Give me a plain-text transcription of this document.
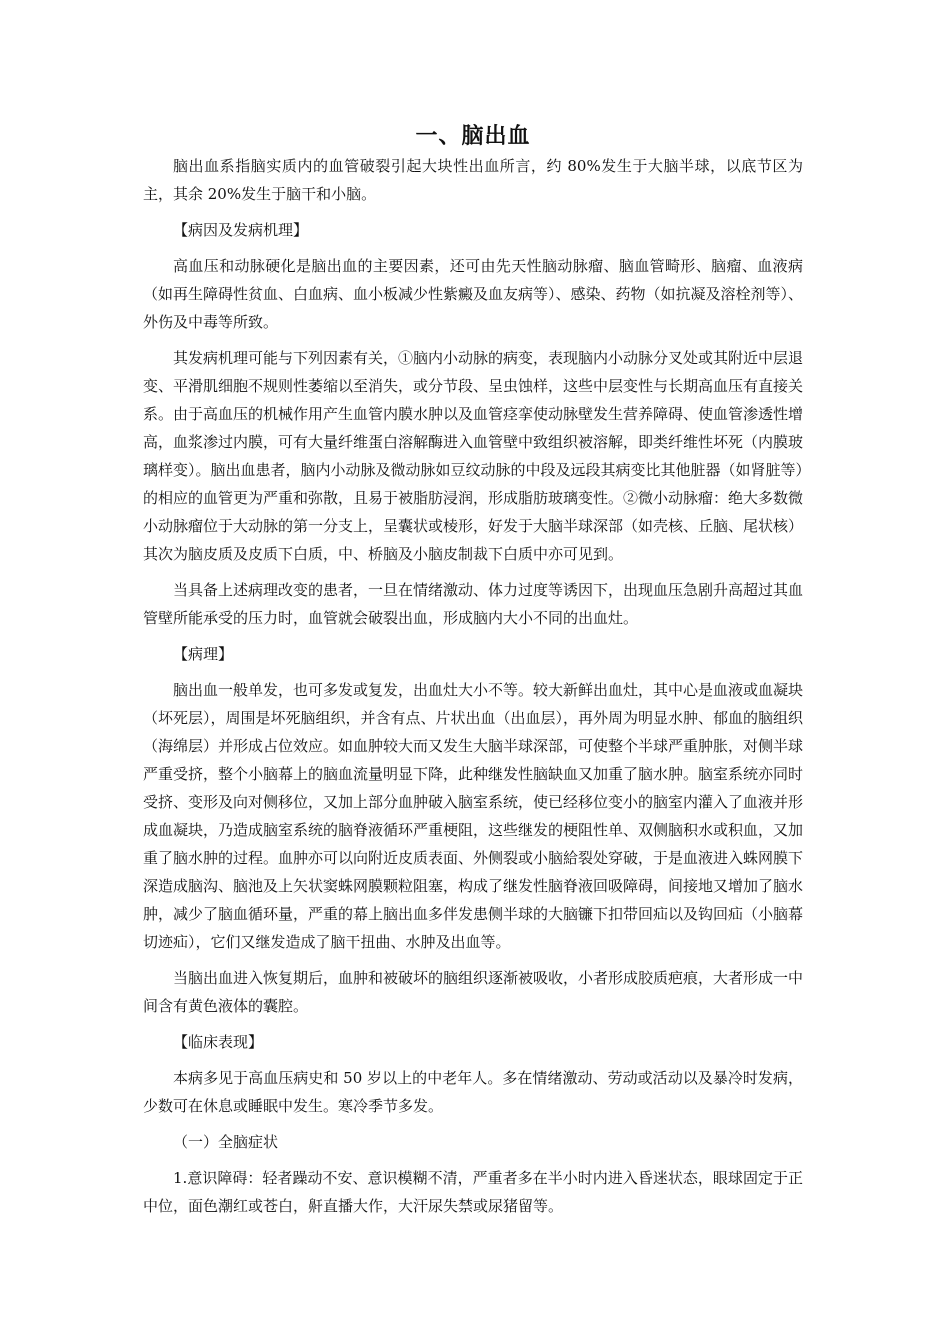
一、脑出血

脑出血系指脑实质内的血管破裂引起大块性出血所言，约 80%发生于大脑半球，以底节区为主，其余 20%发生于脑干和小脑。

【病因及发病机理】

高血压和动脉硬化是脑出血的主要因素，还可由先天性脑动脉瘤、脑血管畸形、脑瘤、血液病（如再生障碍性贫血、白血病、血小板减少性紫癜及血友病等）、感染、药物（如抗凝及溶栓剂等）、外伤及中毒等所致。

其发病机理可能与下列因素有关，①脑内小动脉的病变，表现脑内小动脉分叉处或其附近中层退变、平滑肌细胞不规则性萎缩以至消失，或分节段、呈虫蚀样，这些中层变性与长期高血压有直接关系。由于高血压的机械作用产生血管内膜水肿以及血管痉挛使动脉壁发生营养障碍、使血管渗透性增高，血浆渗过内膜，可有大量纤维蛋白溶解酶进入血管壁中致组织被溶解，即类纤维性坏死（内膜玻璃样变）。脑出血患者，脑内小动脉及微动脉如豆纹动脉的中段及远段其病变比其他脏器（如肾脏等）的相应的血管更为严重和弥散，且易于被脂肪浸润，形成脂肪玻璃变性。②微小动脉瘤：绝大多数微小动脉瘤位于大动脉的第一分支上，呈囊状或棱形，好发于大脑半球深部（如壳核、丘脑、尾状核）其次为脑皮质及皮质下白质，中、桥脑及小脑皮制裁下白质中亦可见到。

当具备上述病理改变的患者，一旦在情绪激动、体力过度等诱因下，出现血压急剧升高超过其血管壁所能承受的压力时，血管就会破裂出血，形成脑内大小不同的出血灶。

【病理】

脑出血一般单发，也可多发或复发，出血灶大小不等。较大新鲜出血灶，其中心是血液或血凝块（坏死层），周围是坏死脑组织，并含有点、片状出血（出血层），再外周为明显水肿、郁血的脑组织（海绵层）并形成占位效应。如血肿较大而又发生大脑半球深部，可使整个半球严重肿胀，对侧半球严重受挤，整个小脑幕上的脑血流量明显下降，此种继发性脑缺血又加重了脑水肿。脑室系统亦同时受挤、变形及向对侧移位，又加上部分血肿破入脑室系统，使已经移位变小的脑室内灌入了血液并形成血凝块，乃造成脑室系统的脑脊液循环严重梗阻，这些继发的梗阻性单、双侧脑积水或积血，又加重了脑水肿的过程。血肿亦可以向附近皮质表面、外侧裂或小脑給裂处穿破，于是血液进入蛛网膜下深造成脑沟、脑池及上矢状窦蛛网膜颗粒阻塞，构成了继发性脑脊液回吸障碍，间接地又增加了脑水肿，减少了脑血循环量，严重的幕上脑出血多伴发患侧半球的大脑镰下扣带回疝以及钩回疝（小脑幕切迹疝），它们又继发造成了脑干扭曲、水肿及出血等。

当脑出血进入恢复期后，血肿和被破坏的脑组织逐渐被吸收，小者形成胶质疤痕，大者形成一中间含有黄色液体的囊腔。

【临床表现】

本病多见于高血压病史和 50 岁以上的中老年人。多在情绪激动、劳动或活动以及暴冷时发病，少数可在休息或睡眠中发生。寒冷季节多发。

（一）全脑症状

1.意识障碍：轻者躁动不安、意识模糊不清，严重者多在半小时内进入昏迷状态，眼球固定于正中位，面色潮红或苍白，鼾直播大作，大汗尿失禁或尿猪留等。
